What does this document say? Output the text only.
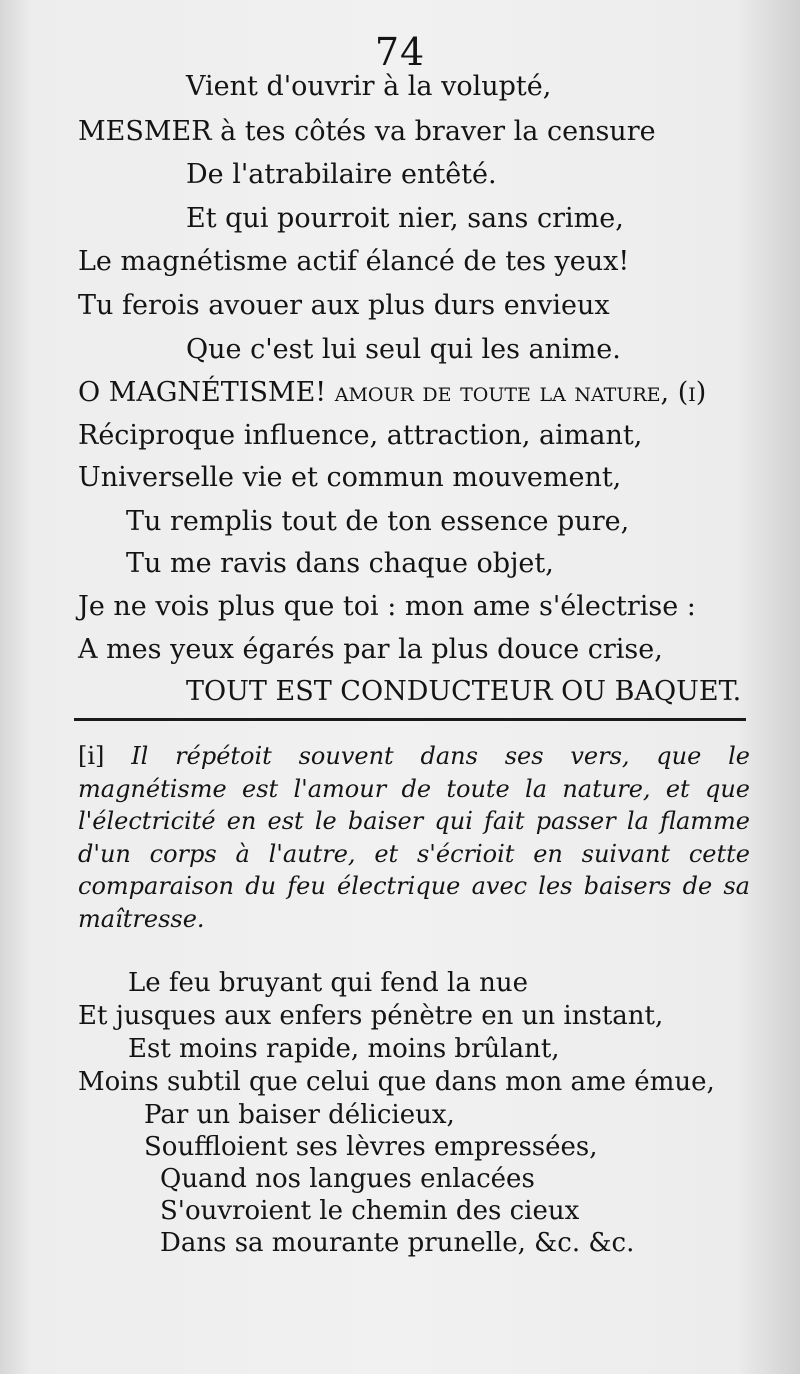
74
Vient d'ouvrir à la volupté,
MESMER à tes côtés va braver la censure
De l'atrabilaire entêté.
Et qui pourroit nier, sans crime,
Le magnétisme actif élancé de tes yeux!
Tu ferois avouer aux plus durs envieux
Que c'est lui seul qui les anime.
O MAGNÉTISME! amour de toute la nature, (i)
Réciproque influence, attraction, aimant,
Universelle vie et commun mouvement,
Tu remplis tout de ton essence pure,
Tu me ravis dans chaque objet,
Je ne vois plus que toi : mon ame s'électrise :
A mes yeux égarés par la plus douce crise,
TOUT EST CONDUCTEUR OU BAQUET.
[i] Il répétoit souvent dans ses vers, que le magnétisme est l'amour de toute la nature, et que l'électricité en est le baiser qui fait passer la flamme d'un corps à l'autre, et s'écrioit en suivant cette comparaison du feu électrique avec les baisers de sa maîtresse.
Le feu bruyant qui fend la nue
Et jusques aux enfers pénètre en un instant,
Est moins rapide, moins brûlant,
Moins subtil que celui que dans mon ame émue,
Par un baiser délicieux,
Souffloient ses lèvres empressées,
Quand nos langues enlacées
S'ouvroient le chemin des cieux
Dans sa mourante prunelle, &c. &c.
